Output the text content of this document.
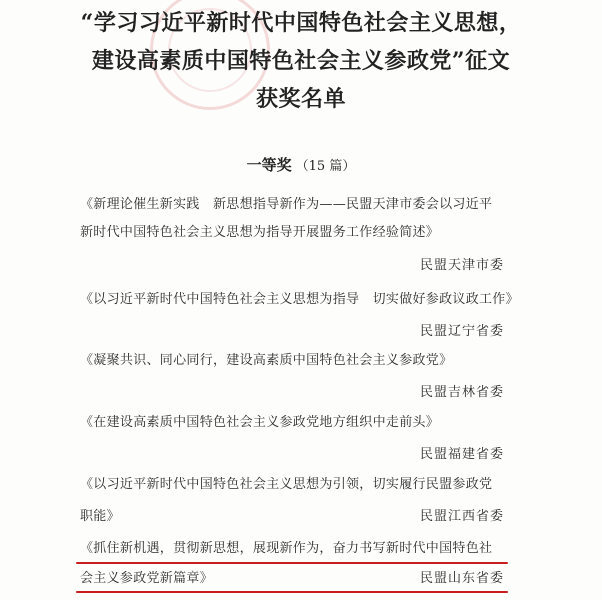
“学习习近平新时代中国特色社会主义思想，
建设高素质中国特色社会主义参政党”征文
获奖名单
一等奖 （15 篇）
《新理论催生新实践　新思想指导新作为——民盟天津市委会以习近平
新时代中国特色社会主义思想为指导开展盟务工作经验简述》
民盟天津市委
《以习近平新时代中国特色社会主义思想为指导　切实做好参政议政工作》
民盟辽宁省委
《凝聚共识、同心同行，建设高素质中国特色社会主义参政党》
民盟吉林省委
《在建设高素质中国特色社会主义参政党地方组织中走前头》
民盟福建省委
《以习近平新时代中国特色社会主义思想为引领，切实履行民盟参政党
职能》	民盟江西省委
《抓住新机遇，贯彻新思想，展现新作为，奋力书写新时代中国特色社
会主义参政党新篇章》	民盟山东省委
